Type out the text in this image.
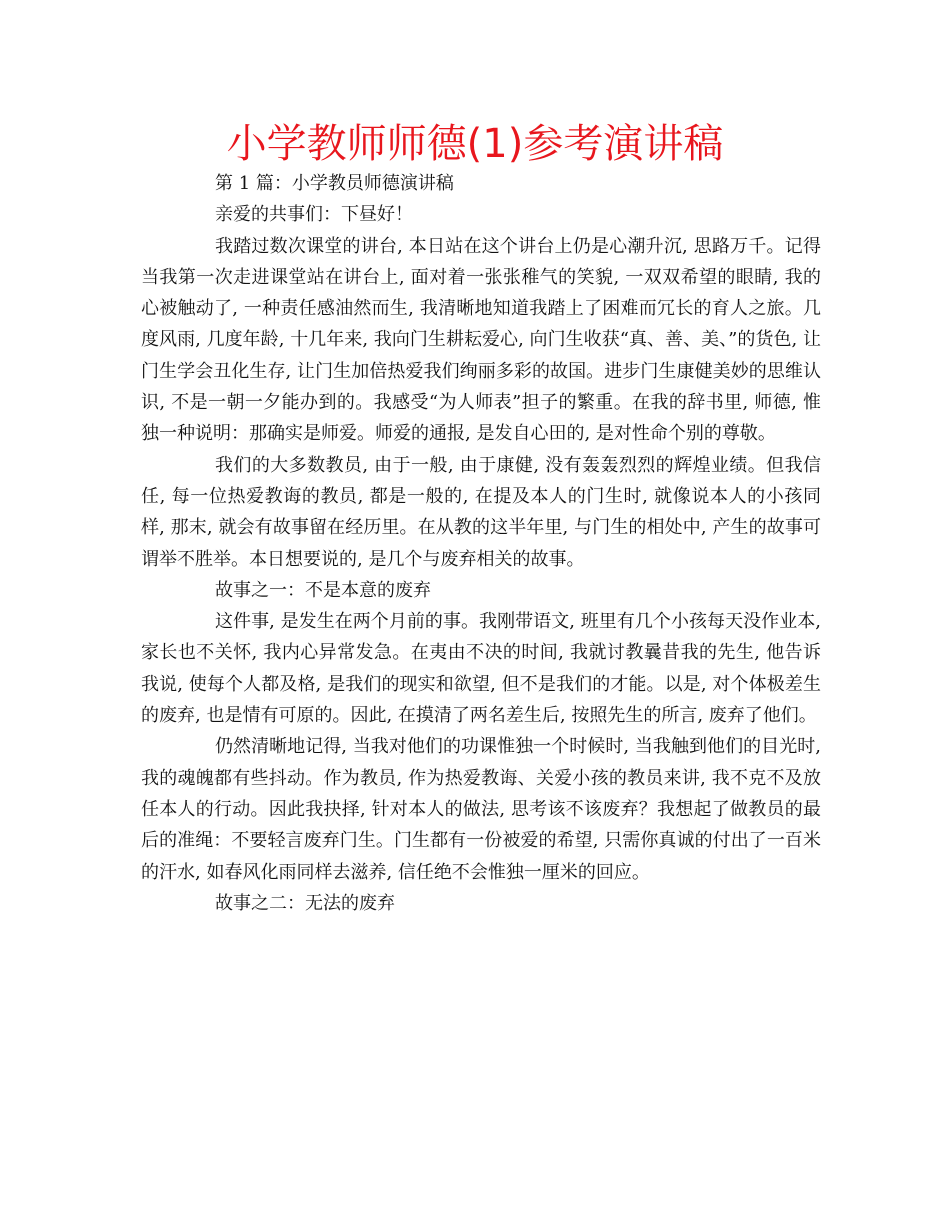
小学教师师德(1)参考演讲稿

第 1 篇：小学教员师德演讲稿

亲爱的共事们：下昼好！

我踏过数次课堂的讲台, 本日站在这个讲台上仍是心潮升沉, 思路万千。记得当我第一次走进课堂站在讲台上, 面对着一张张稚气的笑貌, 一双双希望的眼睛, 我的心被触动了, 一种责任感油然而生, 我清晰地知道我踏上了困难而冗长的育人之旅。几度风雨, 几度年龄, 十几年来, 我向门生耕耘爱心, 向门生收获“真、善、美、”的货色, 让门生学会丑化生存, 让门生加倍热爱我们绚丽多彩的故国。进步门生康健美妙的思维认识, 不是一朝一夕能办到的。我感受“为人师表”担子的繁重。在我的辞书里, 师德, 惟独一种说明：那确实是师爱。师爱的通报, 是发自心田的, 是对性命个别的尊敬。

我们的大多数教员, 由于一般, 由于康健, 没有轰轰烈烈的辉煌业绩。但我信任, 每一位热爱教诲的教员, 都是一般的, 在提及本人的门生时, 就像说本人的小孩同样, 那末, 就会有故事留在经历里。在从教的这半年里, 与门生的相处中, 产生的故事可谓举不胜举。本日想要说的, 是几个与废弃相关的故事。

故事之一：不是本意的废弃

这件事, 是发生在两个月前的事。我刚带语文, 班里有几个小孩每天没作业本, 家长也不关怀, 我内心异常发急。在夷由不决的时间, 我就讨教曩昔我的先生, 他告诉我说, 使每个人都及格, 是我们的现实和欲望, 但不是我们的才能。以是, 对个体极差生的废弃, 也是情有可原的。因此, 在摸清了两名差生后, 按照先生的所言, 废弃了他们。

仍然清晰地记得, 当我对他们的功课惟独一个时候时, 当我触到他们的目光时, 我的魂魄都有些抖动。作为教员, 作为热爱教诲、关爱小孩的教员来讲, 我不克不及放任本人的行动。因此我抉择, 针对本人的做法, 思考该不该废弃？我想起了做教员的最后的准绳：不要轻言废弃门生。门生都有一份被爱的希望, 只需你真诚的付出了一百米的汗水, 如春风化雨同样去滋养, 信任绝不会惟独一厘米的回应。

故事之二：无法的废弃
